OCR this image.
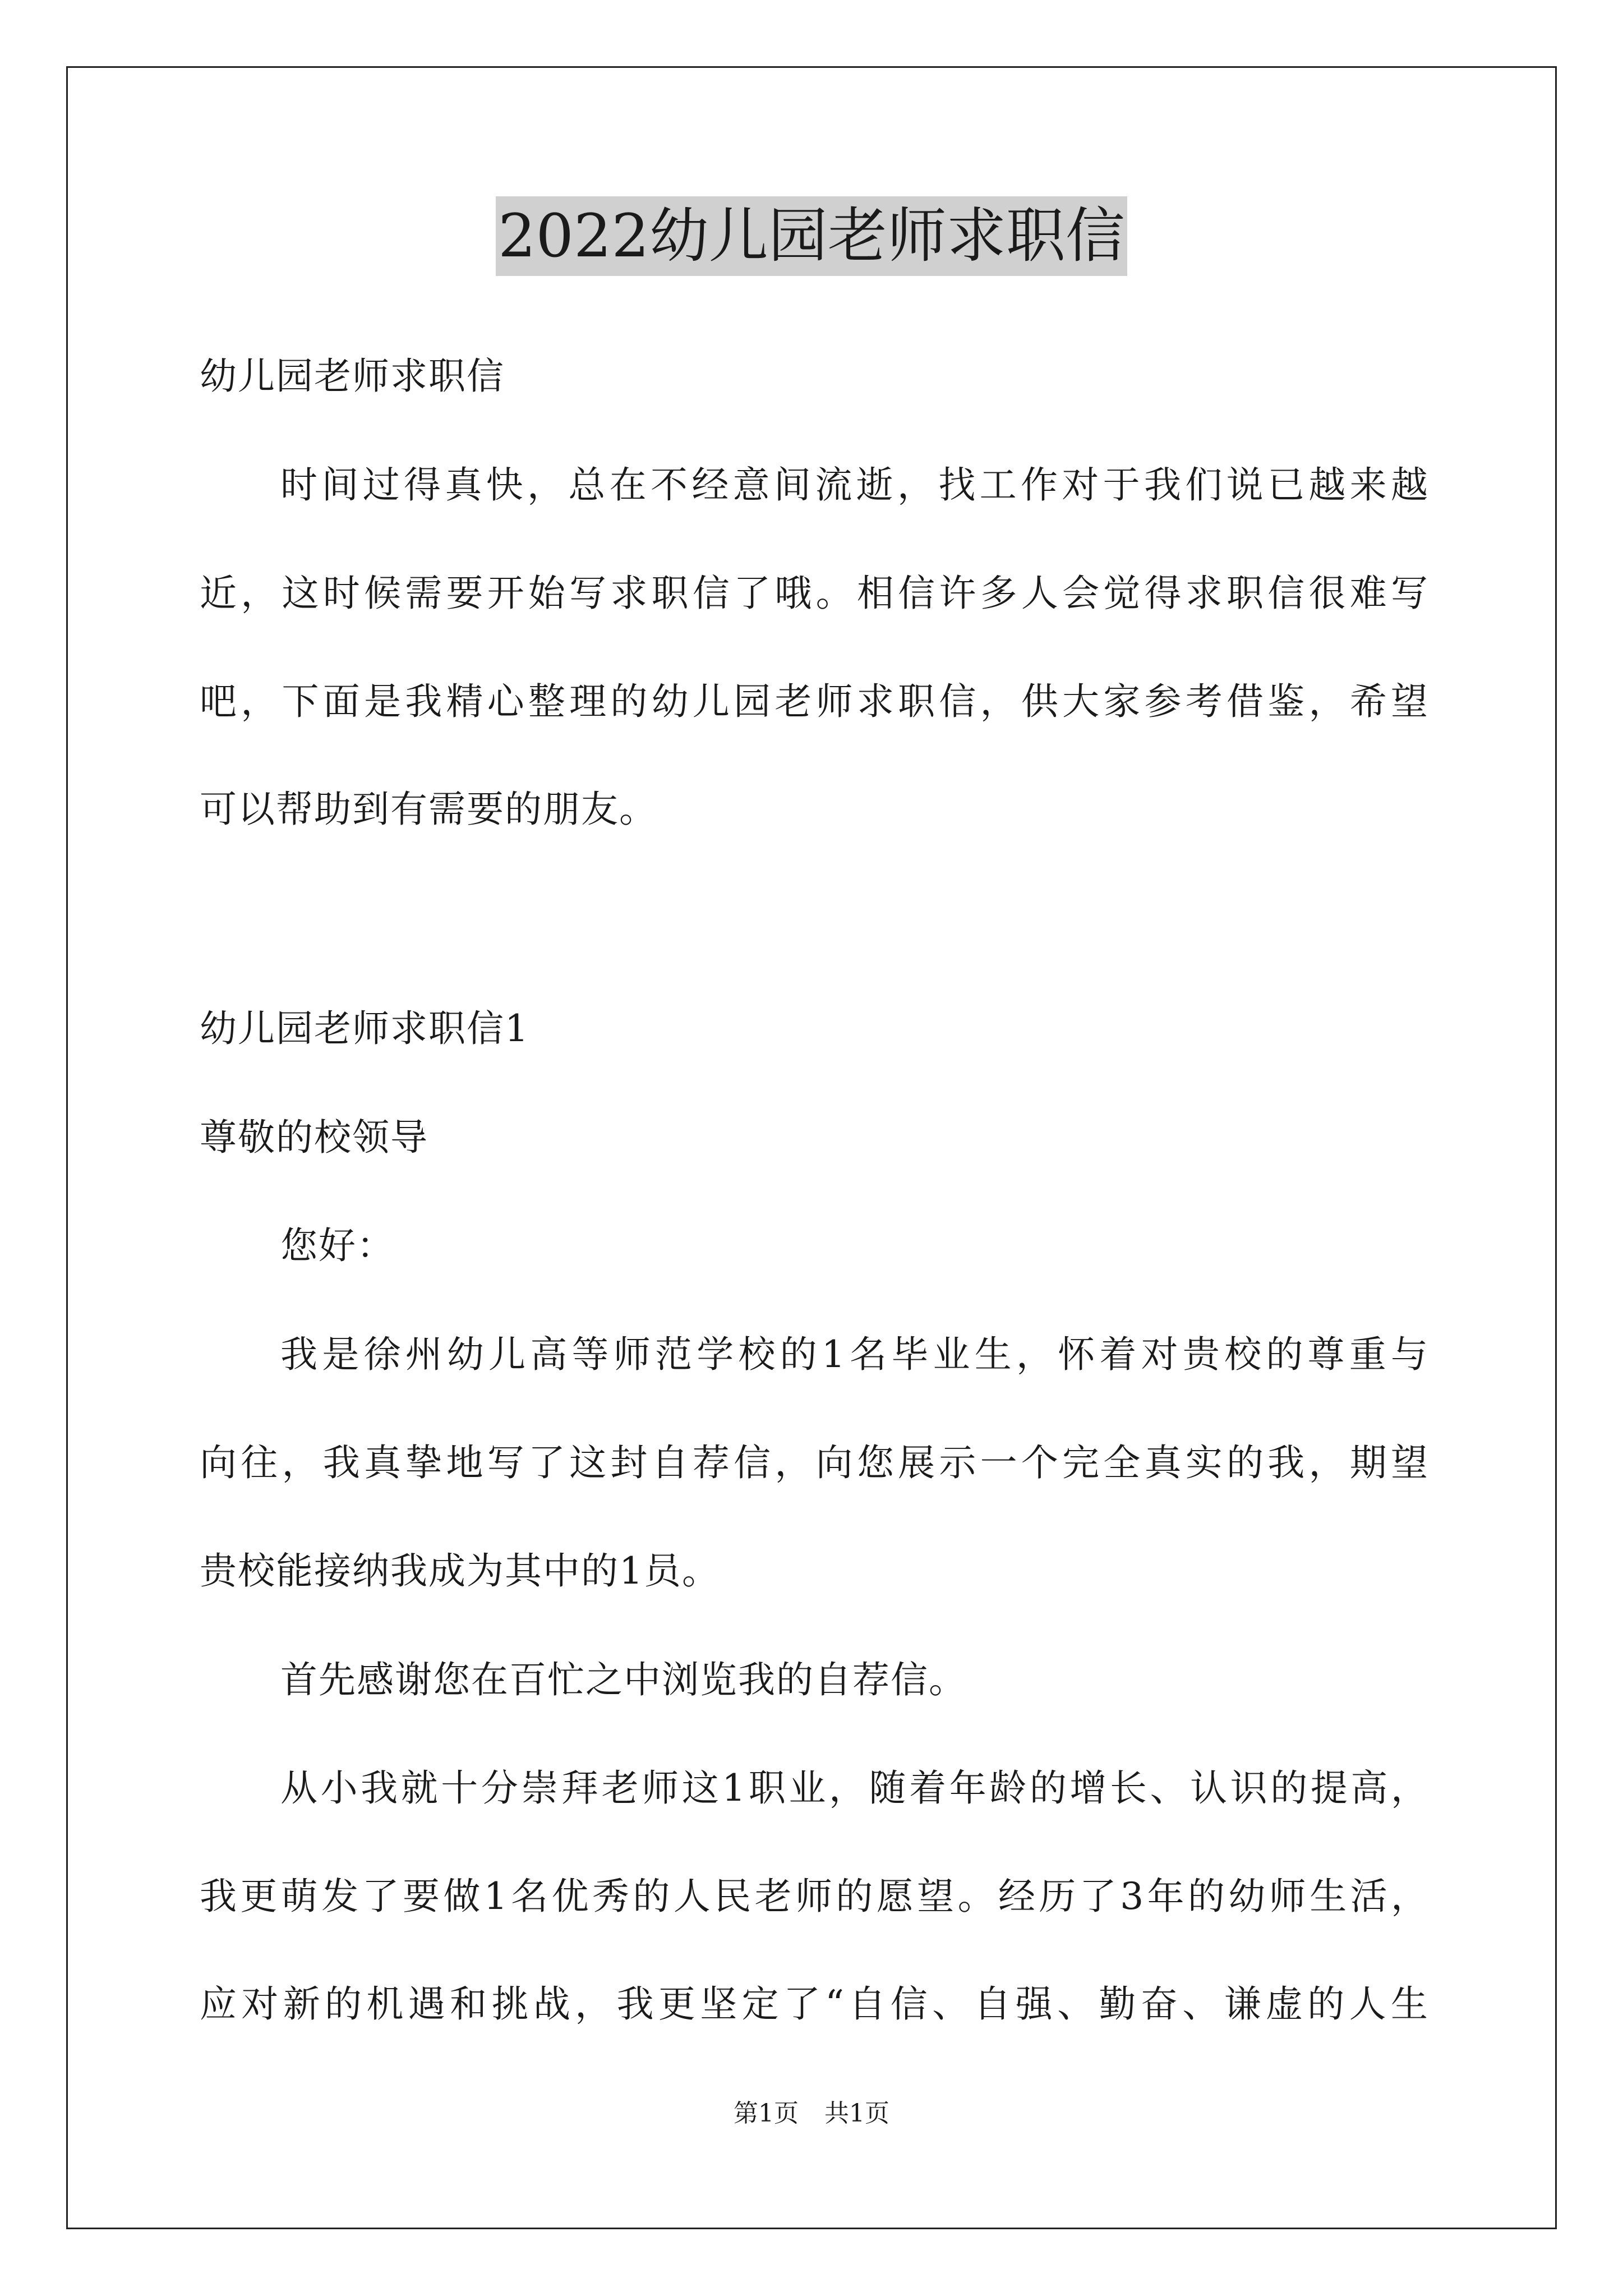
2022幼儿园老师求职信
幼儿园老师求职信
时间过得真快，总在不经意间流逝，找工作对于我们说已越来越
近，这时候需要开始写求职信了哦。相信许多人会觉得求职信很难写
吧，下面是我精心整理的幼儿园老师求职信，供大家参考借鉴，希望
可以帮助到有需要的朋友。
幼儿园老师求职信1
尊敬的校领导
您好：
我是徐州幼儿高等师范学校的1名毕业生，怀着对贵校的尊重与
向往，我真挚地写了这封自荐信，向您展示一个完全真实的我，期望
贵校能接纳我成为其中的1员。
首先感谢您在百忙之中浏览我的自荐信。
从小我就十分崇拜老师这1职业，随着年龄的增长、认识的提高，
我更萌发了要做1名优秀的人民老师的愿望。经历了3年的幼师生活，
应对新的机遇和挑战，我更坚定了“自信、自强、勤奋、谦虚的人生
第1页 共1页
